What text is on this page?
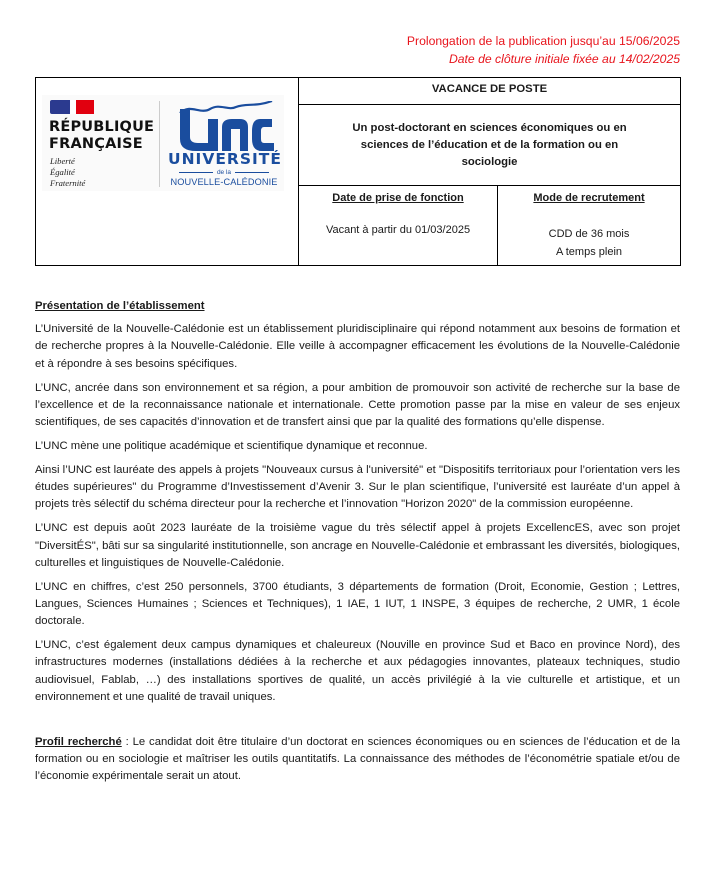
Prolongation de la publication jusqu’au 15/06/2025
Date de clôture initiale fixée au 14/02/2025
RÉPUBLIQUE
FRANÇAISE
Liberté
Égalité
Fraternité
UNIVERSITÉ
de la
NOUVELLE-CALÉDONIE
VACANCE DE POSTE
Un post-doctorant en sciences économiques ou en sciences de l’éducation et de la formation ou en sociologie
Date de prise de fonction
Vacant à partir du 01/03/2025
Mode de recrutement
CDD de 36 mois
A temps plein

Présentation de l’établissement

L’Université de la Nouvelle-Calédonie est un établissement pluridisciplinaire qui répond notamment aux besoins de formation et de recherche propres à la Nouvelle-Calédonie. Elle veille à accompagner efficacement les évolutions de la Nouvelle-Calédonie et à répondre à ses besoins spécifiques.

L’UNC, ancrée dans son environnement et sa région, a pour ambition de promouvoir son activité de recherche sur la base de l’excellence et de la reconnaissance nationale et internationale. Cette promotion passe par la mise en valeur de ses enjeux scientifiques, de ses capacités d’innovation et de transfert ainsi que par la qualité des formations qu’elle dispense.

L’UNC mène une politique académique et scientifique dynamique et reconnue.

Ainsi l’UNC est lauréate des appels à projets "Nouveaux cursus à l'université" et "Dispositifs territoriaux pour l’orientation vers les études supérieures" du Programme d’Investissement d’Avenir 3. Sur le plan scientifique, l’université est lauréate d’un appel à projets très sélectif du schéma directeur pour la recherche et l’innovation "Horizon 2020" de la commission européenne.

L’UNC est depuis août 2023 lauréate de la troisième vague du très sélectif appel à projets ExcellencES, avec son projet "DiversitÉS", bâti sur sa singularité institutionnelle, son ancrage en Nouvelle-Calédonie et embrassant les diversités, biologiques, culturelles et linguistiques de Nouvelle-Calédonie.

L’UNC en chiffres, c’est 250 personnels, 3700 étudiants, 3 départements de formation (Droit, Economie, Gestion ; Lettres, Langues, Sciences Humaines ; Sciences et Techniques), 1 IAE, 1 IUT, 1 INSPE, 3 équipes de recherche, 2 UMR, 1 école doctorale.

L’UNC, c’est également deux campus dynamiques et chaleureux (Nouville en province Sud et Baco en province Nord), des infrastructures modernes (installations dédiées à la recherche et aux pédagogies innovantes, plateaux techniques, studio audiovisuel, Fablab, …) des installations sportives de qualité, un accès privilégié à la vie culturelle et artistique, et un environnement et une qualité de travail uniques.

Profil recherché : Le candidat doit être titulaire d’un doctorat en sciences économiques ou en sciences de l’éducation et de la formation ou en sociologie et maîtriser les outils quantitatifs. La connaissance des méthodes de l’économétrie spatiale et/ou de l’économie expérimentale serait un atout.
